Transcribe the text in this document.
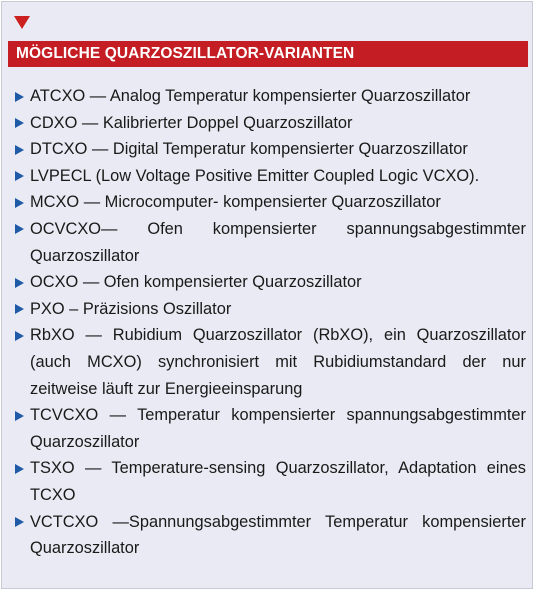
MÖGLICHE QUARZOSZILLATOR-VARIANTEN
ATCXO — Analog Temperatur kompensierter Quarzoszillator
CDXO — Kalibrierter Doppel Quarzoszillator
DTCXO — Digital Temperatur kompensierter Quarzoszillator
LVPECL (Low Voltage Positive Emitter Coupled Logic VCXO).
MCXO — Microcomputer- kompensierter Quarzoszillator
OCVCXO— Ofen kompensierter spannungsabgestimmter Quarzoszillator
OCXO — Ofen kompensierter Quarzoszillator
PXO – Präzisions Oszillator
RbXO — Rubidium Quarzoszillator (RbXO), ein Quarzoszillator (auch MCXO) synchronisiert mit Rubidiumstandard der nur zeitweise läuft zur Energieeinsparung
TCVCXO — Temperatur kompensierter spannungsabgestimmter Quarzoszillator
TSXO — Temperature-sensing Quarzoszillator, Adaptation eines TCXO
VCTCXO —Spannungsabgestimmter Temperatur kompensierter Quarzoszillator
